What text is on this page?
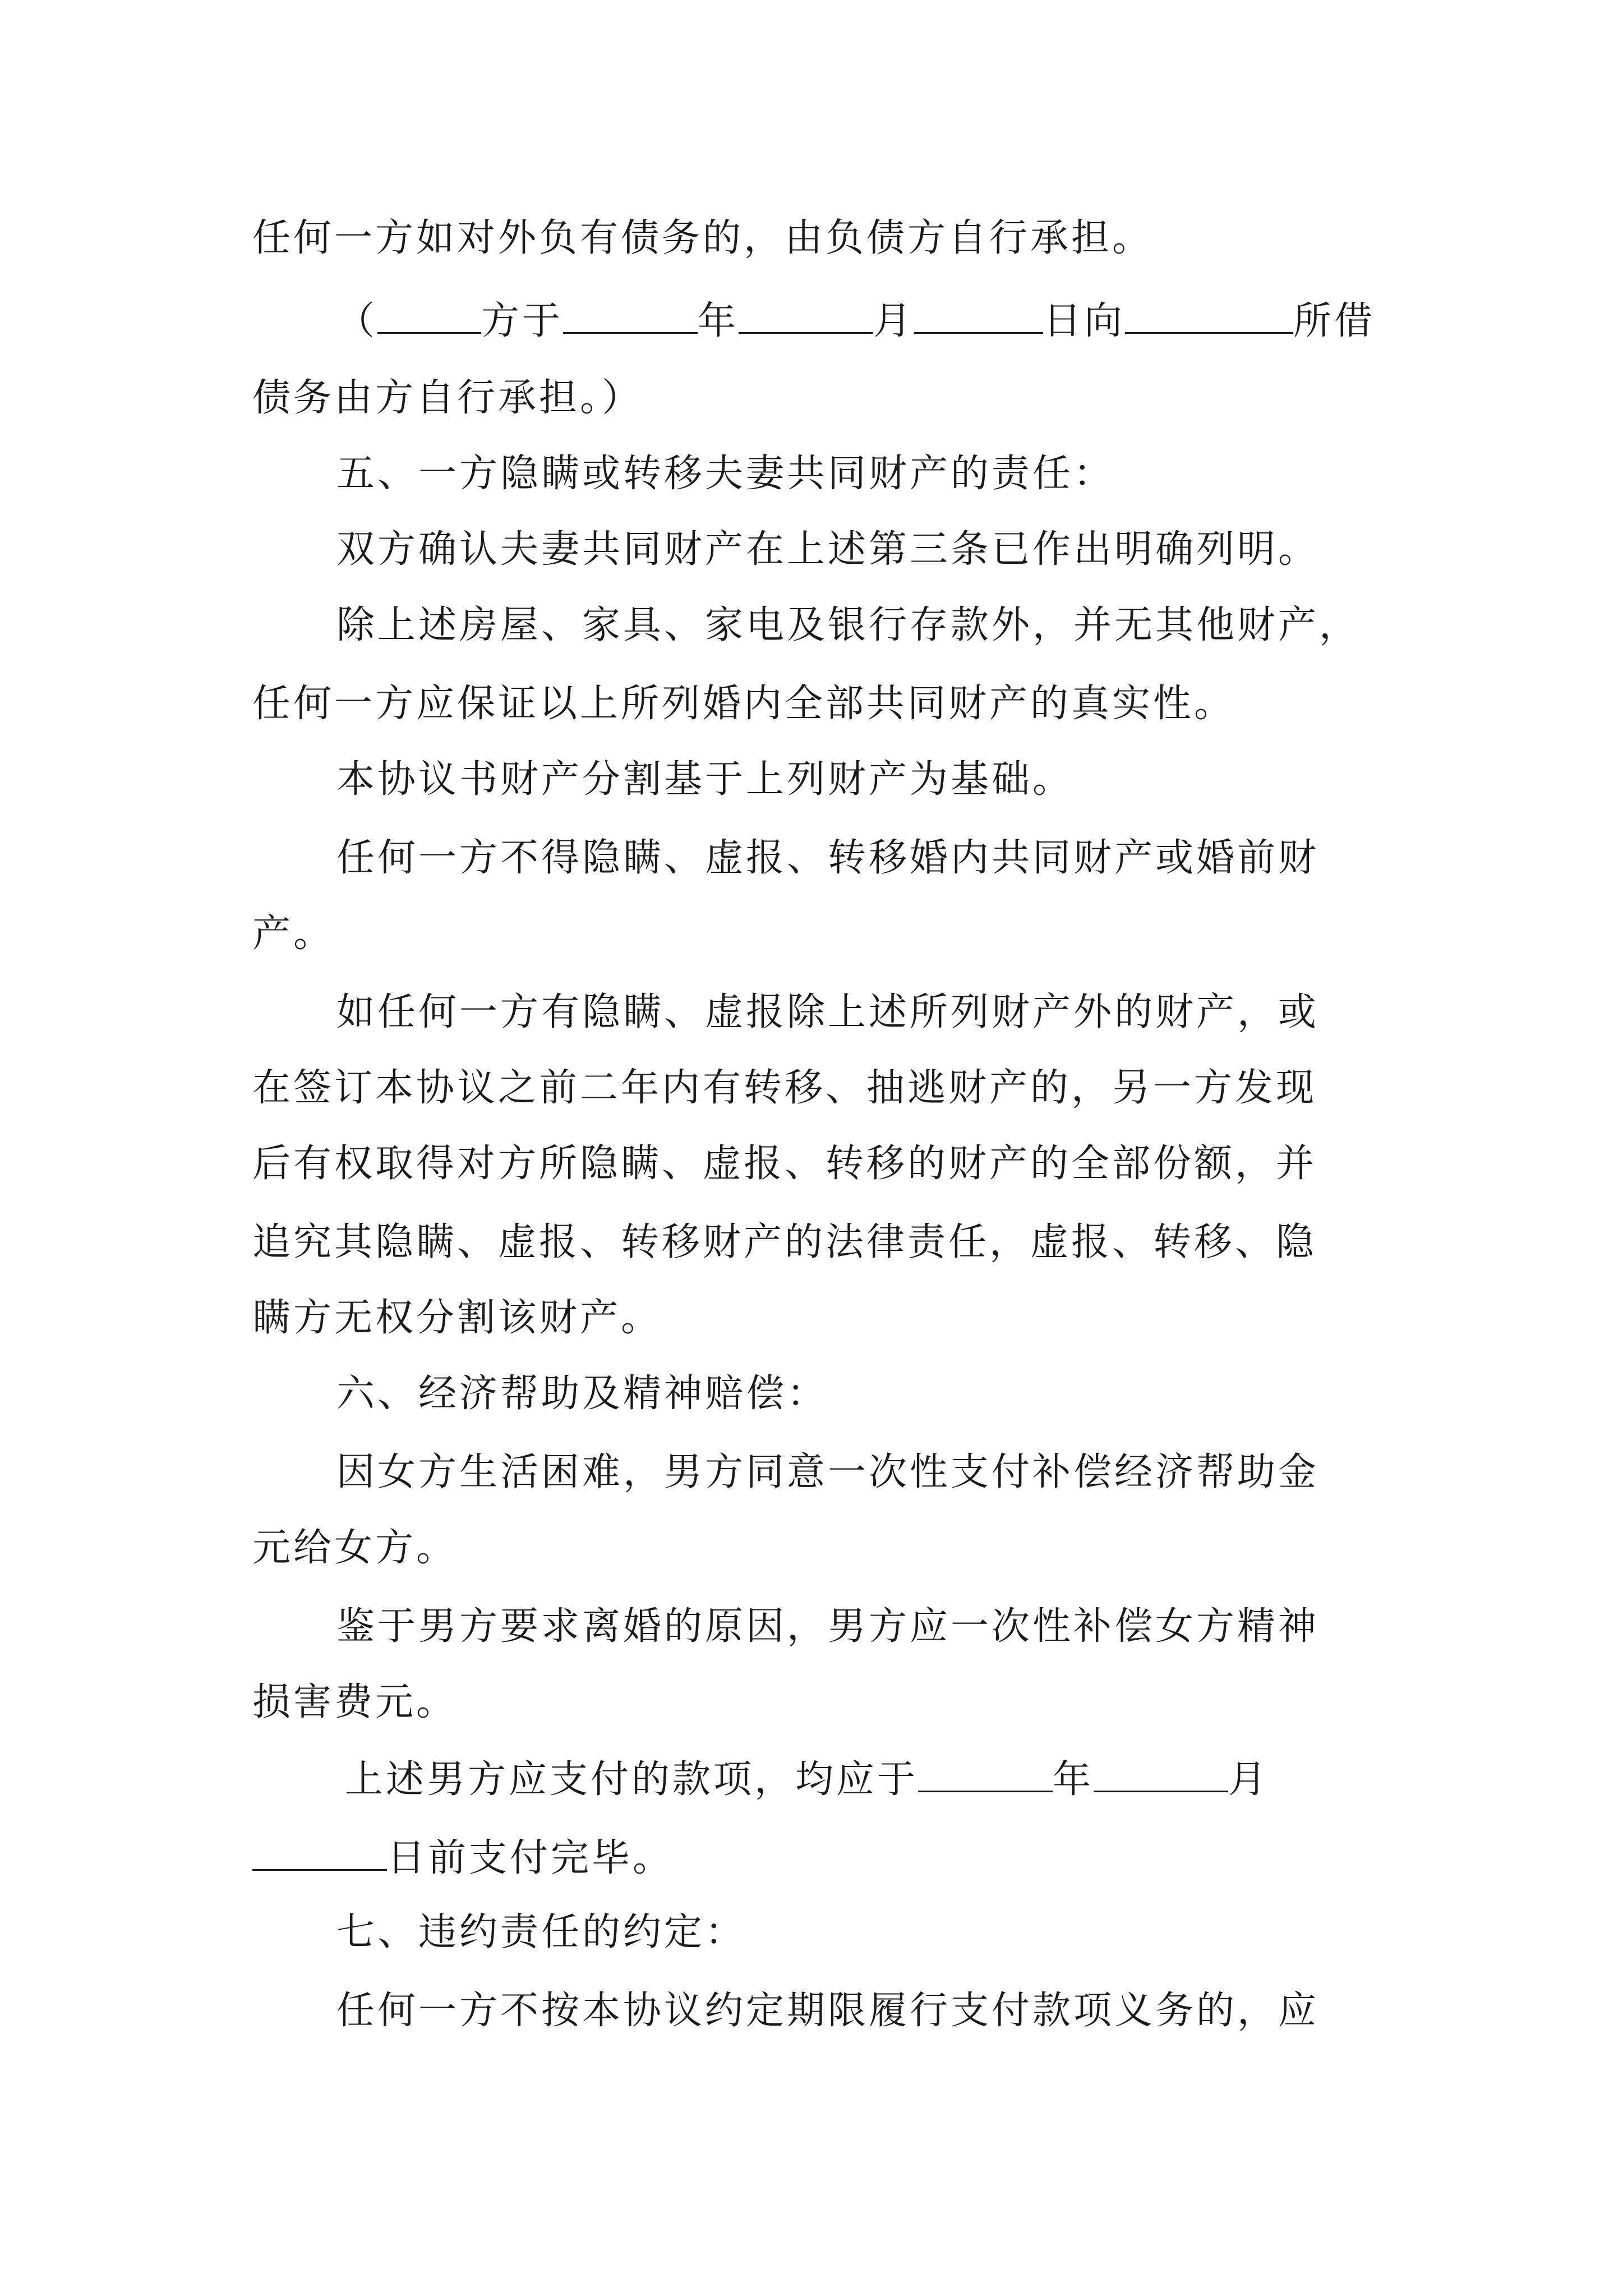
任何一方如对外负有债务的，由负债方自行承担。
（	方于	年	月	日向	所借
债务由方自行承担。）
五、一方隐瞒或转移夫妻共同财产的责任：
双方确认夫妻共同财产在上述第三条已作出明确列明。
除上述房屋、家具、家电及银行存款外，并无其他财产，
任何一方应保证以上所列婚内全部共同财产的真实性。
本协议书财产分割基于上列财产为基础。
任何一方不得隐瞒、虚报、转移婚内共同财产或婚前财
产。
如任何一方有隐瞒、虚报除上述所列财产外的财产，或
在签订本协议之前二年内有转移、抽逃财产的，另一方发现
后有权取得对方所隐瞒、虚报、转移的财产的全部份额，并
追究其隐瞒、虚报、转移财产的法律责任，虚报、转移、隐
瞒方无权分割该财产。
六、经济帮助及精神赔偿：
因女方生活困难，男方同意一次性支付补偿经济帮助金
元给女方。
鉴于男方要求离婚的原因，男方应一次性补偿女方精神
损害费元。
上述男方应支付的款项，均应于	年	月
日前支付完毕。
七、违约责任的约定：
任何一方不按本协议约定期限履行支付款项义务的，应
